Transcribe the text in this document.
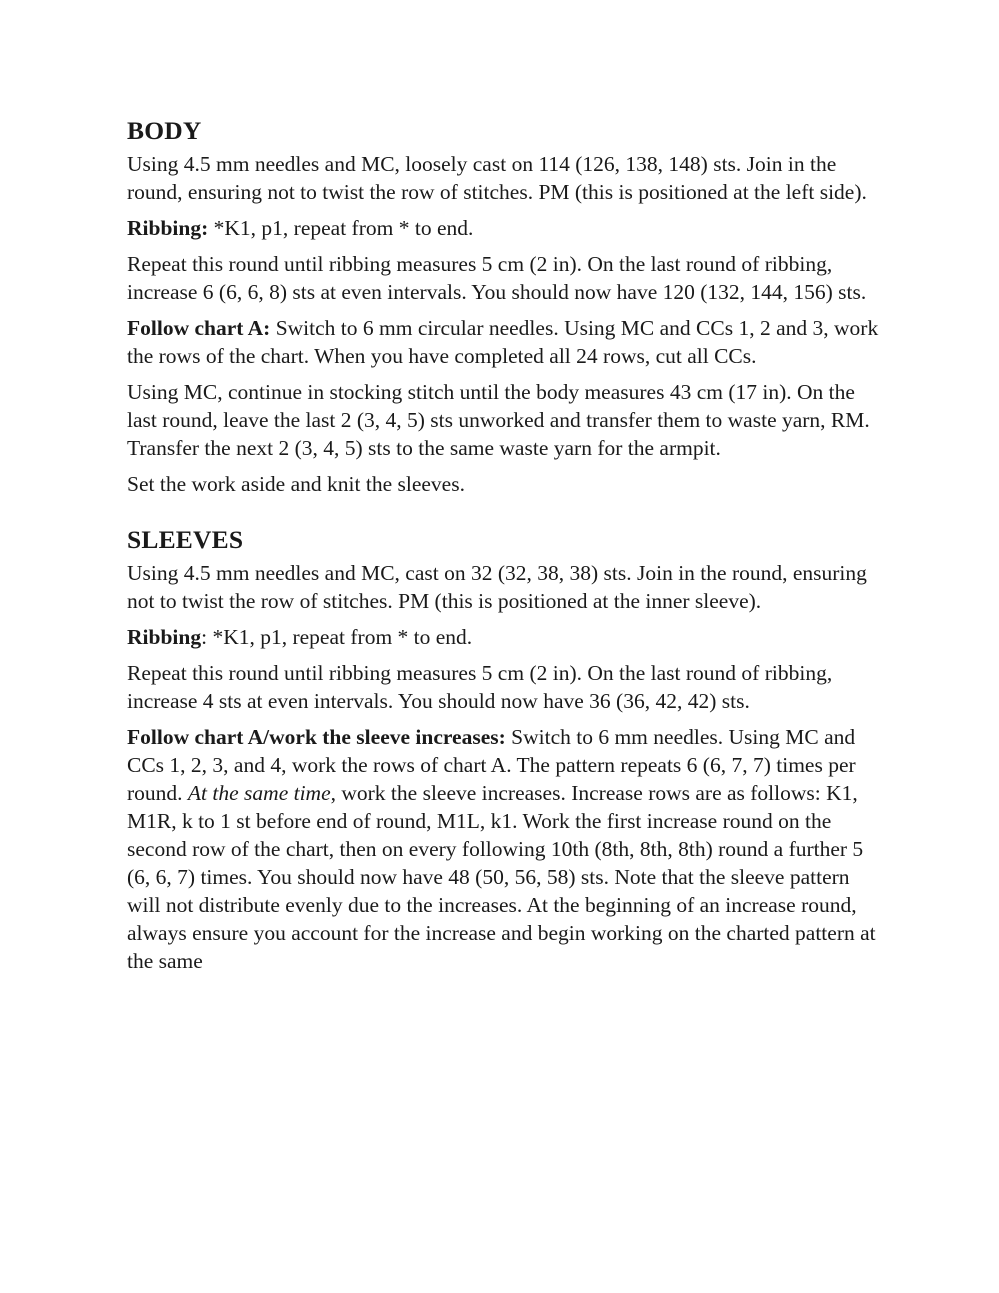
BODY

Using 4.5 mm needles and MC, loosely cast on 114 (126, 138, 148) sts. Join in the round, ensuring not to twist the row of stitches. PM (this is positioned at the left side).

Ribbing: *K1, p1, repeat from * to end.

Repeat this round until ribbing measures 5 cm (2 in). On the last round of ribbing, increase 6 (6, 6, 8) sts at even intervals. You should now have 120 (132, 144, 156) sts.

Follow chart A: Switch to 6 mm circular needles. Using MC and CCs 1, 2 and 3, work the rows of the chart. When you have completed all 24 rows, cut all CCs.

Using MC, continue in stocking stitch until the body measures 43 cm (17 in). On the last round, leave the last 2 (3, 4, 5) sts unworked and transfer them to waste yarn, RM. Transfer the next 2 (3, 4, 5) sts to the same waste yarn for the armpit.

Set the work aside and knit the sleeves.

SLEEVES

Using 4.5 mm needles and MC, cast on 32 (32, 38, 38) sts. Join in the round, ensuring not to twist the row of stitches. PM (this is positioned at the inner sleeve).

Ribbing: *K1, p1, repeat from * to end.

Repeat this round until ribbing measures 5 cm (2 in). On the last round of ribbing, increase 4 sts at even intervals. You should now have 36 (36, 42, 42) sts.

Follow chart A/work the sleeve increases: Switch to 6 mm needles. Using MC and CCs 1, 2, 3, and 4, work the rows of chart A. The pattern repeats 6 (6, 7, 7) times per round. At the same time, work the sleeve increases. Increase rows are as follows: K1, M1R, k to 1 st before end of round, M1L, k1. Work the first increase round on the second row of the chart, then on every following 10th (8th, 8th, 8th) round a further 5 (6, 6, 7) times. You should now have 48 (50, 56, 58) sts. Note that the sleeve pattern will not distribute evenly due to the increases. At the beginning of an increase round, always ensure you account for the increase and begin working on the charted pattern at the same
